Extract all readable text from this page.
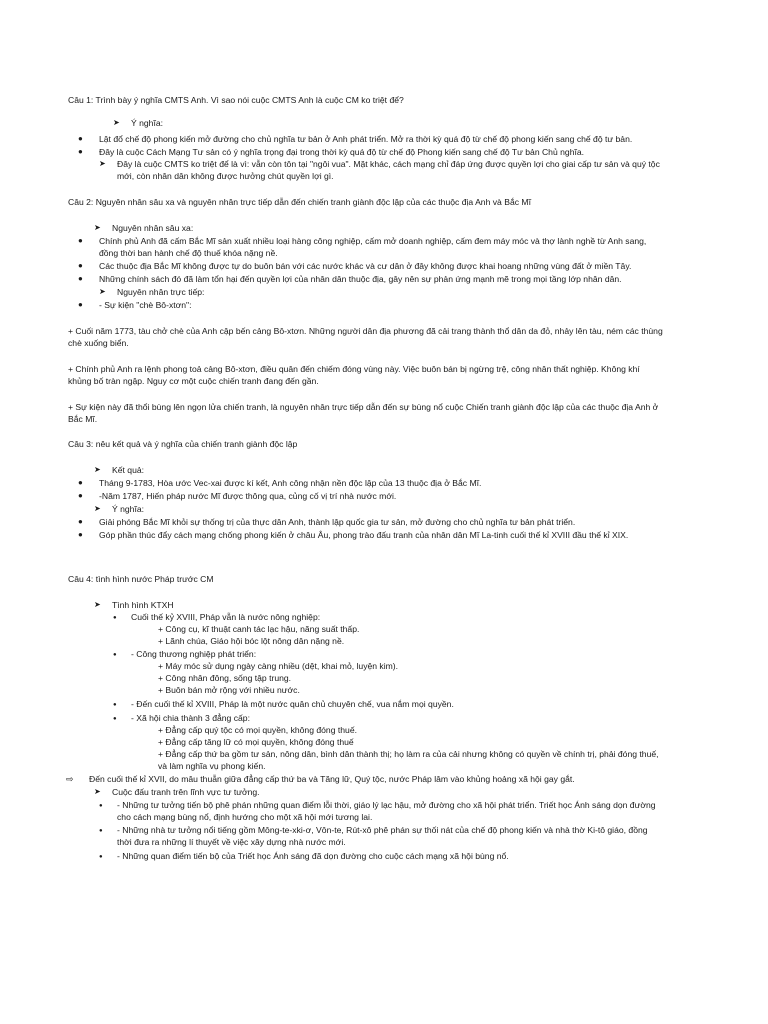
Câu 1: Trình bày ý nghĩa CMTS Anh. Vì sao nói cuộc CMTS Anh là cuộc CM ko triệt để?
➤ Ý nghĩa:
● Lật đổ chế độ phong kiến mở đường cho chủ nghĩa tư bản ở Anh phát triển. Mở ra thời kỳ quá độ từ chế độ phong kiến sang chế độ tư bản.
● Đây là cuộc Cách Mạng Tư sản có ý nghĩa trọng đại trong thời kỳ quá độ từ chế độ Phong kiến sang chế độ Tư bản Chủ nghĩa.
➤ Đây là cuộc CMTS ko triệt để là vì: vẫn còn tôn tại "ngôi vua". Mặt khác, cách mạng chỉ đáp ứng được quyền lợi cho giai cấp tư sản và quý tộc
mới, còn nhân dân không được hưởng chút quyền lợi gì.
Câu 2: Nguyên nhân sâu xa và nguyên nhân trực tiếp dẫn đến chiến tranh giành độc lập của các thuộc địa Anh và Bắc Mĩ
➤ Nguyên nhân sâu xa:
● Chính phủ Anh đã cấm Bắc Mĩ sản xuất nhiều loại hàng công nghiệp, cấm mở doanh nghiệp, cấm đem máy móc và thợ lành nghề từ Anh sang,
đồng thời ban hành chế độ thuế khóa nặng nề.
● Các thuộc địa Bắc Mĩ không được tự do buôn bán với các nước khác và cư dân ở đây không được khai hoang những vùng đất ở miền Tây.
● Những chính sách đó đã làm tổn hại đến quyền lợi của nhân dân thuộc địa, gây nên sự phản ứng mạnh mẽ trong mọi tầng lớp nhân dân.
➤ Nguyên nhân trực tiếp:
● - Sự kiện "chè Bô-xtơn":
+ Cuối năm 1773, tàu chở chè của Anh cập bến cảng Bô-xtơn. Những người dân địa phương đã cải trang thành thổ dân da đỏ, nhảy lên tàu, ném các thùng
chè xuống biển.
+ Chính phủ Anh ra lệnh phong toả cảng Bô-xtơn, điều quân đến chiếm đóng vùng này. Việc buôn bán bị ngừng trệ, công nhân thất nghiệp. Không khí
khủng bố tràn ngập. Nguy cơ một cuộc chiến tranh đang đến gần.
+ Sự kiện này đã thổi bùng lên ngọn lửa chiến tranh, là nguyên nhân trực tiếp dẫn đến sự bùng nổ cuộc Chiến tranh giành độc lập của các thuộc địa Anh ở
Bắc Mĩ.
Câu 3: nêu kết quả và ý nghĩa của chiến tranh giành độc lập
➤ Kết quả:
● Tháng 9-1783, Hòa ước Vec-xai được kí kết, Anh công nhận nền độc lập của 13 thuộc địa ở Bắc Mĩ.
● -Năm 1787, Hiến pháp nước Mĩ được thông qua, củng cố vị trí nhà nước mới.
➤ Ý nghĩa:
● Giải phóng Bắc Mĩ khỏi sự thống trị của thực dân Anh, thành lập quốc gia tư sản, mở đường cho chủ nghĩa tư bản phát triển.
● Góp phần thúc đẩy cách mạng chống phong kiến ở châu Âu, phong trào đấu tranh của nhân dân Mĩ La-tinh cuối thế kỉ XVIII đầu thế kỉ XIX.
Câu 4: tình hình nước Pháp trước CM
➤ Tình hình KTXH
● Cuối thế kỷ XVIII, Pháp vẫn là nước nông nghiệp:
+ Công cụ, kĩ thuật canh tác lạc hậu, năng suất thấp.
+ Lãnh chúa, Giáo hội bóc lột nông dân nặng nề.
● - Công thương nghiệp phát triển:
+ Máy móc sử dụng ngày càng nhiều (dệt, khai mỏ, luyện kim).
+ Công nhân đông, sống tập trung.
+ Buôn bán mở rộng với nhiều nước.
● - Đến cuối thế kỉ XVIII, Pháp là một nước quân chủ chuyên chế, vua nắm mọi quyền.
● - Xã hội chia thành 3 đẳng cấp:
+ Đẳng cấp quý tộc có mọi quyền, không đóng thuế.
+ Đẳng cấp tăng lữ có mọi quyền, không đóng thuế
+ Đẳng cấp thứ ba gồm tư sản, nông dân, bình dân thành thị; họ làm ra của cải nhưng không có quyền về chính trị, phải đóng thuế,
và làm nghĩa vụ phong kiến.
⇨ Đến cuối thế kỉ XVII, do mâu thuẫn giữa đẳng cấp thứ ba và Tăng lữ, Quý tộc, nước Pháp lâm vào khủng hoảng xã hội gay gắt.
➤ Cuộc đấu tranh trên lĩnh vực tư tưởng.
● - Những tư tưởng tiến bộ phê phán những quan điểm lỗi thời, giáo lý lạc hậu, mở đường cho xã hội phát triển. Triết học Ánh sáng dọn đường
cho cách mạng bùng nổ, định hướng cho một xã hội mới tương lai.
● - Những nhà tư tưởng nổi tiếng gồm Mông-te-xki-ơ, Vôn-te, Rút-xô phê phán sự thối nát của chế độ phong kiến và nhà thờ Ki-tô giáo, đồng
thời đưa ra những lí thuyết về việc xây dựng nhà nước mới.
● - Những quan điểm tiến bộ của Triết học Ánh sáng đã dọn đường cho cuộc cách mạng xã hội bùng nổ.
